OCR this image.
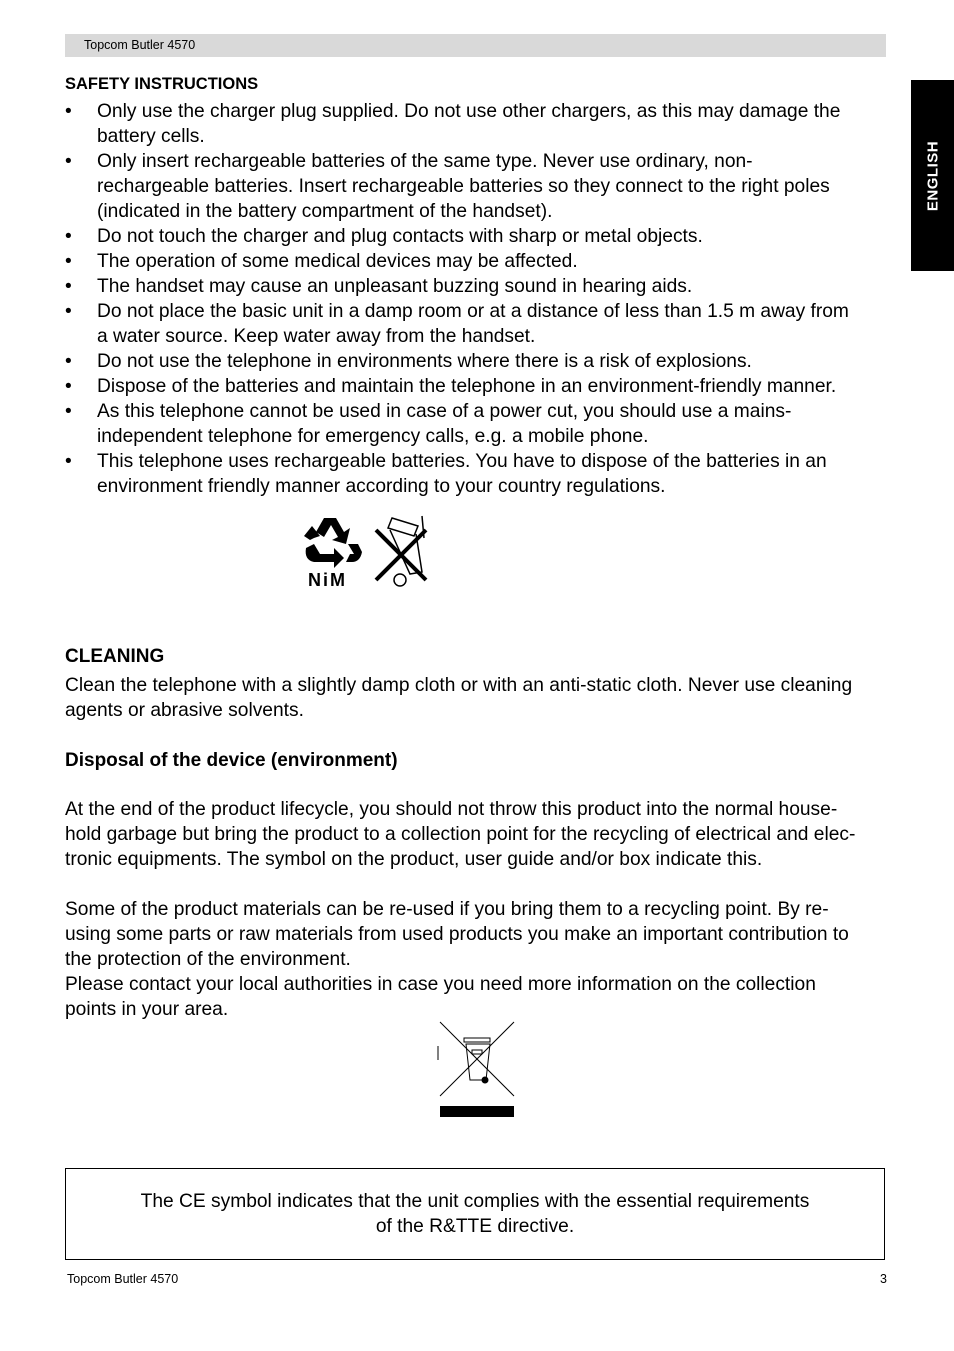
Topcom Butler 4570
ENGLISH
SAFETY INSTRUCTIONS
• Only use the charger plug supplied. Do not use other chargers, as this may damage the
battery cells.
• Only insert rechargeable batteries of the same type. Never use ordinary, non-
rechargeable batteries. Insert rechargeable batteries so they connect to the right poles
(indicated in the battery compartment of the handset).
• Do not touch the charger and plug contacts with sharp or metal objects.
• The operation of some medical devices may be affected.
• The handset may cause an unpleasant buzzing sound in hearing aids.
• Do not place the basic unit in a damp room or at a distance of less than 1.5 m away from
a water source. Keep water away from the handset.
• Do not use the telephone in environments where there is a risk of explosions.
• Dispose of the batteries and maintain the telephone in an environment-friendly manner.
• As this telephone cannot be used in case of a power cut, you should use a mains-
independent telephone for emergency calls, e.g. a mobile phone.
• This telephone uses rechargeable batteries. You have to dispose of the batteries in an
environment friendly manner according to your country regulations.
NiM
CLEANING
Clean the telephone with a slightly damp cloth or with an anti-static cloth. Never use cleaning
agents or abrasive solvents.
Disposal of the device (environment)
At the end of the product lifecycle, you should not throw this product into the normal house-
hold garbage but bring the product to a collection point for the recycling of electrical and elec-
tronic equipments. The symbol on the product, user guide and/or box indicate this.
Some of the product materials can be re-used if you bring them to a recycling point. By re-
using some parts or raw materials from used products you make an important contribution to
the protection of the environment.
Please contact your local authorities in case you need more information on the collection
points in your area.
The CE symbol indicates that the unit complies with the essential requirements
of the R&TTE directive.
Topcom Butler 4570	3
